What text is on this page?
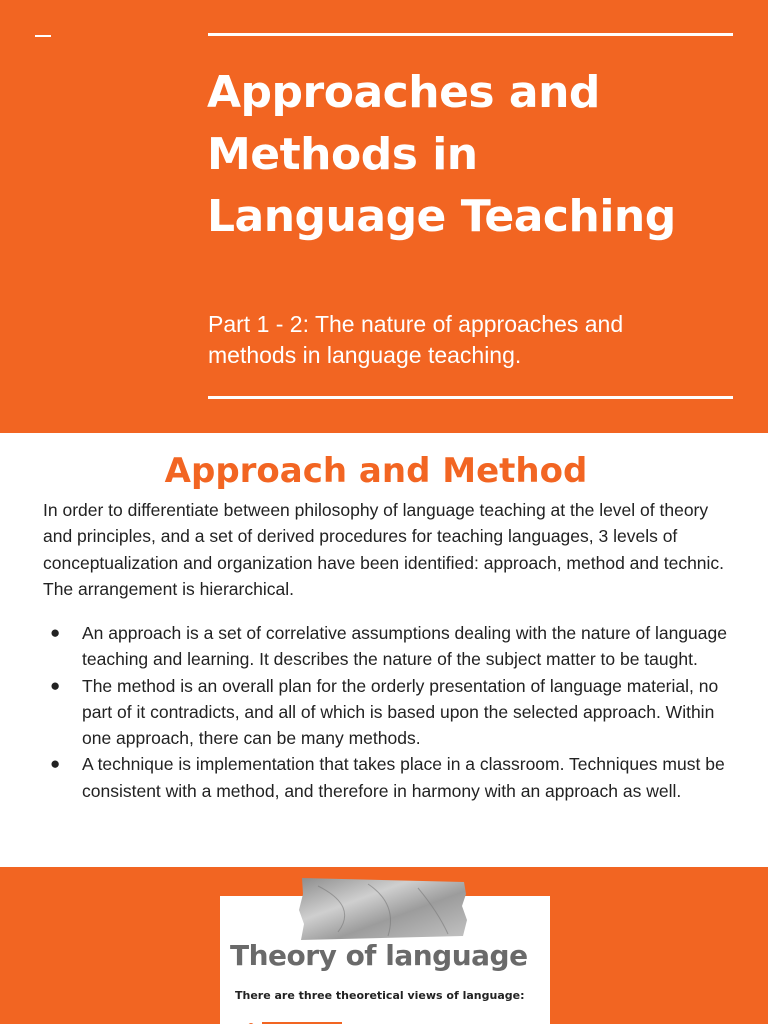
Approaches and
Methods in
Language Teaching

Part 1 - 2: The nature of approaches and methods in language teaching.

Approach and Method

In order to differentiate between philosophy of language teaching at the level of theory and principles, and a set of derived procedures for teaching languages, 3 levels of conceptualization and organization have been identified: approach, method and technic. The arrangement is hierarchical.

● An approach is a set of correlative assumptions dealing with the nature of language teaching and learning. It describes the nature of the subject matter to be taught.
● The method is an overall plan for the orderly presentation of language material, no part of it contradicts, and all of which is based upon the selected approach. Within one approach, there can be many methods.
● A technique is implementation that takes place in a classroom. Techniques must be consistent with a method, and therefore in harmony with an approach as well.
Theory of language

There are three theoretical views of language:
